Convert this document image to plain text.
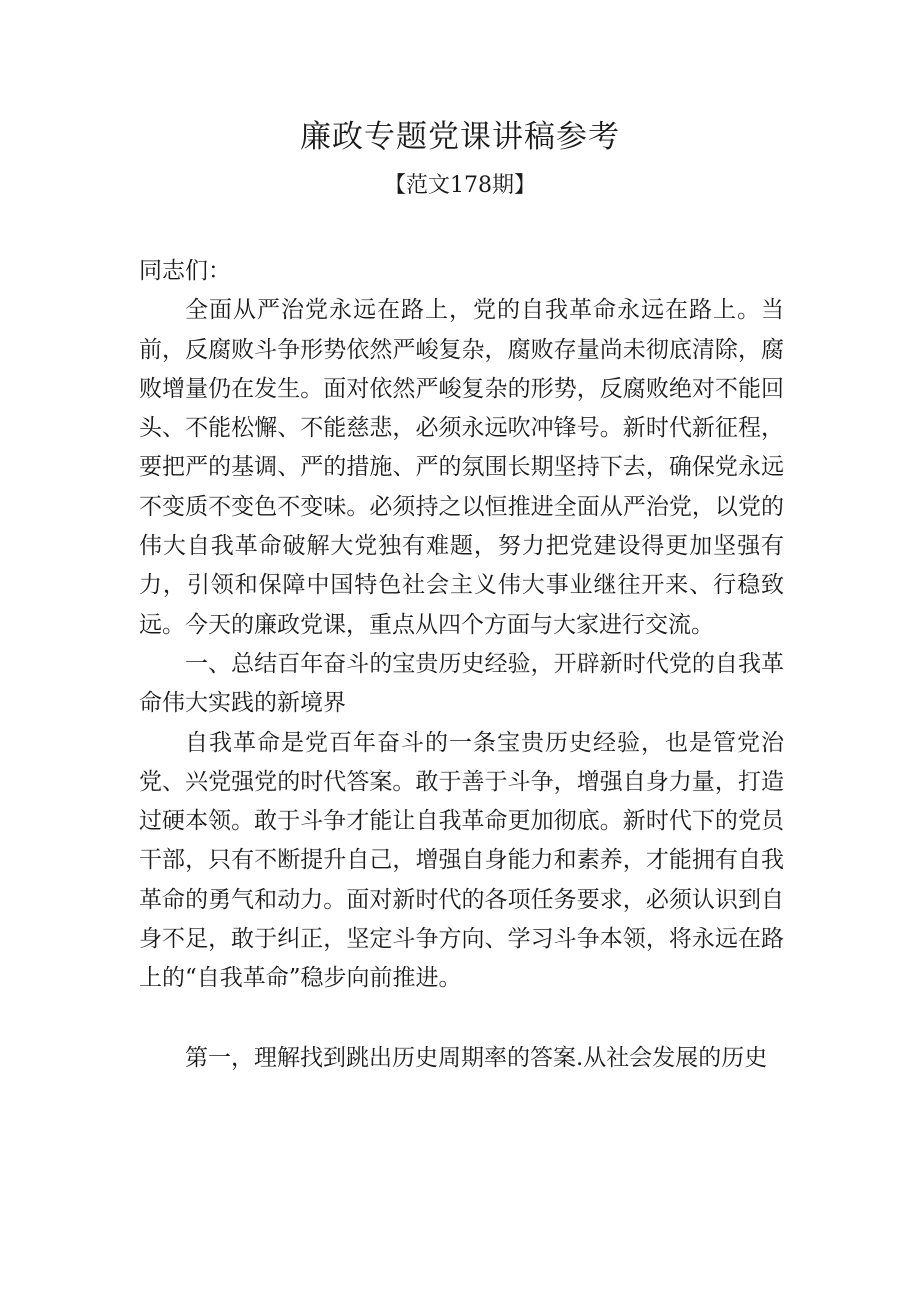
廉政专题党课讲稿参考
【范文178期】

同志们：

全面从严治党永远在路上，党的自我革命永远在路上。当前，反腐败斗争形势依然严峻复杂，腐败存量尚未彻底清除，腐败增量仍在发生。面对依然严峻复杂的形势，反腐败绝对不能回头、不能松懈、不能慈悲，必须永远吹冲锋号。新时代新征程，要把严的基调、严的措施、严的氛围长期坚持下去，确保党永远不变质不变色不变味。必须持之以恒推进全面从严治党，以党的伟大自我革命破解大党独有难题，努力把党建设得更加坚强有力，引领和保障中国特色社会主义伟大事业继往开来、行稳致远。今天的廉政党课，重点从四个方面与大家进行交流。

一、总结百年奋斗的宝贵历史经验，开辟新时代党的自我革命伟大实践的新境界

自我革命是党百年奋斗的一条宝贵历史经验，也是管党治党、兴党强党的时代答案。敢于善于斗争，增强自身力量，打造过硬本领。敢于斗争才能让自我革命更加彻底。新时代下的党员干部，只有不断提升自己，增强自身能力和素养，才能拥有自我革命的勇气和动力。面对新时代的各项任务要求，必须认识到自身不足，敢于纠正，坚定斗争方向、学习斗争本领，将永远在路上的“自我革命”稳步向前推进。

第一，理解找到跳出历史周期率的答案.从社会发展的历史
